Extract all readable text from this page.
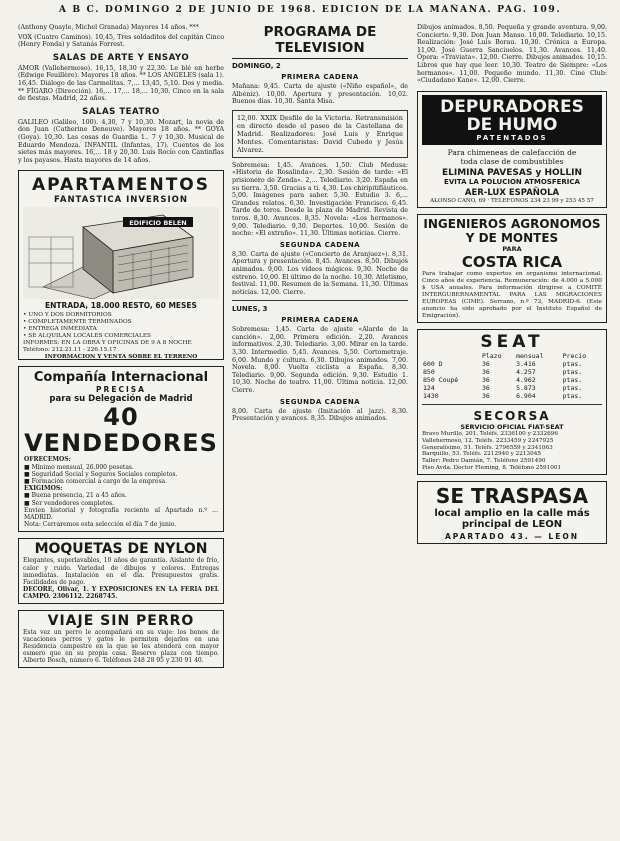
A B C. DOMINGO 2 DE JUNIO DE 1968. EDICION DE LA MAÑANA. PAG. 109.

(Anthony Quayle, Michel Granada) Mayores 14 años. ***

VOX (Cuatro Caminos). 10,45, Tres soldaditos del capitán Cinco (Henry Fonda) y Satanás Forrest.

SALAS DE ARTE Y ENSAYO
AMOR (Vallehermoso). 16,15, 18,30 y 22,30. Le blé en herbe (Edwige Feuillère). Mayores 18 años. ** LOS ANGELES (sala 1). 16,45. Diálogo de las Carmelitas. 7,... 13,45, 5,10. Dos y media. ** FÍGARO (Dirección). 16,... 17,... 18,... 10,30. Cinco en la sala de fiestas. Madrid, 22 años.
SALAS TEATRO
GALILEO (Galileo, 100). 4,30, 7 y 10,30. Mozart, la novia de don Juan (Catherine Deneuve). Mayores 18 años. ** GOYA (Goya). 10,30. Las cosas de Guardia 1.. 7 y 10,30. Musical de Eduardo Mendoza. INFANTIL (Infantas, 17). Cuentos de los sietes más mayores. 16,... 18 y 20,30. Luis Rocío con Cantinflas y los payasos. Hasta mayores de 14 años.
APARTAMENTOS
FANTASTICA INVERSION
EDIFICIO BELEN
ENTRADA, 18.000 RESTO, 60 MESES
• UNO Y DOS DORMITORIOS
• COMPLETAMENTE TERMINADOS
• ENTREGA INMEDIATA
• SE ALQUILAN LOCALES COMERCIALES
INFORMES: EN LA OBRA Y OFICINAS DE 9 A 8 NOCHE
Teléfono: 212.21.11 - 226.15.17
INFORMACION Y VENTA SOBRE EL TERRENO
Compañía Internacional
PRECISA
para su Delegación de Madrid
40 VENDEDORES
OFRECEMOS:
■ Mínimo mensual, 26.000 pesetas.
■ Seguridad Social y Seguros Sociales completos.
■ Formación comercial a cargo de la empresa.
EXIGIMOS:
■ Buena presencia, 21 a 45 años.
■ Ser vendedores completos.
Envíen historial y fotografía reciente al Apartado n.º ... MADRID.
Nota: Cerraremos esta selección el día 7 de junio.
MOQUETAS DE NYLON
Elegantes, superlavables, 10 años de garantía. Aislante de frío, calor y ruido. Variedad de dibujos y colores. Entregas inmediatas. Instalación en el día. Presupuestos gratis. Facilidades de pago.
DECORE, Olivar, 1. Y EXPOSICIONES EN LA FERIA DEL CAMPO. 2306112. 2268745.
VIAJE SIN PERRO
Esta vez un perro le acompañará en su viaje: los bonos de vacaciones perros y gatos le permiten dejarlos en una Residencia campestre en la que se les atenderá con mayor esmero que en su propia casa. Reserve plaza con tiempo. Alberto Bosch, número 6. Teléfonos 248 28 95 y 230 91 40.
PROGRAMA DE TELEVISION
DOMINGO, 2
PRIMERA CADENA
Mañana: 9,45. Carta de ajuste («Niño español», de Albéniz). 10,00. Apertura y presentación. 10,02. Buenos días. 10,30. Santa Misa.
12,00. XXIX Desfile de la Victoria. Retransmisión en directo desde el paseo de la Castellana de Madrid. Realizadores: José Luis y Enrique Montes. Comentaristas: David Cubedo y Jesús Alvarez.
Sobremesa: 1,45. Avances. 1,50. Club Medusa: «Historia de Rosalinda». 2,30. Sesión de tarde: «El prisionero de Zenda». 2,... Telediario. 3,20. España en su tierra. 3,50. Gracias a ti. 4,30. Los chiripitifláuticos. 5,00. Imágenes para saber. 5,30. Estudio 3. 6,... Grandes relatos. 6,30. Investigación Francisco. 6,45. Tarde de toros. Desde la plaza de Madrid. Revista de toros. 8,30. Avances. 8,35. Novela: «Los hermanos». 9,00. Telediario. 9,30. Deportes. 10,00. Sesión de noche: «El extraño». 11,30. Últimas noticias. Cierre.
SEGUNDA CADENA
8,30. Carta de ajuste («Concierto de Aranjuez»). 8,31. Apertura y presentación. 8,45. Avances. 8,50. Dibujos animados. 9,00. Los vídeos mágicos. 9,30. Noche de estreno. 10,00. El último de la noche. 10,30. Atletismo, festival. 11,00. Resumen de la Semana. 11,30. Últimas noticias. 12,00. Cierre.
LUNES, 3
PRIMERA CADENA
Sobremesa: 1,45. Carta de ajuste «Alarde de la canción». 2,00. Primera edición. 2,20. Avances informativos. 2,30. Telediario. 3,00. Mirar en la tarde. 3,30. Intermedio. 5,45. Avances. 5,50. Cortometraje. 6,00. Mundo y cultura. 6,30. Dibujos animados. 7,00. Novela. 8,00. Vuelta ciclista a España. 8,30. Telediario. 9,00. Segunda edición. 9,30. Estudio 1. 10,30. Noche de teatro. 11,00. Última noticia. 12,00. Cierre.
SEGUNDA CADENA
8,00. Carta de ajuste (Imitación al jazz). 8,30. Presentación y avances. 8,35. Dibujos animados.
Dibujos animados. 8,50. Pequeña y grande aventura. 9,00. Concierto. 9,30. Don Juan Manso. 10,00. Telediario. 10,15. Realización: José Luis Borau. 10,30. Crónica a Europa. 11,00. José Guerra Sanciuelos. 11,30. Avances. 11,40. Ópera: «Traviata». 12,00. Cierre. Dibujos animados. 10,15. Libros que hay que leer. 10,30. Teatro de Siempre: «Los hermanos». 11,00. Pequeño mundo. 11,30. Cine Club: «Ciudadano Kane». 12,00. Cierre.
DEPURADORES
DE HUMO
PATENTADOS
Para chimeneas de calefacción de
toda clase de combustibles
ELIMINA PAVESAS y HOLLIN
EVITA LA POLUCION ATMOSFERICA
AER-LUX ESPAÑOLA
ALONSO CANO, 69 · TELEFONOS 234 23 99 y 253 45 57
INGENIEROS AGRONOMOS
Y DE MONTES
PARA
COSTA RICA
Para trabajar como expertos en organismo internacional. Cinco años de experiencia. Remuneración: de 4.000 a 5.000 $ USA anuales. Para información dirigirse a COMITÉ INTERGUBERNAMENTAL PARA LAS MIGRACIONES EUROPEAS (CIME). Serrano, n.º 73, MADRID-6. (Este anuncio ha sido aprobado por el Instituto Español de Emigración).
SEAT
	Plazo	mensual	Precio
600 D	36	3.416	ptas.
850	36	4.257	ptas.
850 Coupé	36	4.962	ptas.
124	36	5.873	ptas.
1430	36	6.904	ptas.
SECORSA
SERVICIO OFICIAL FIAT-SEAT
Bravo Murillo, 201. Teléfs. 2336100 y 2332696
Vallehermoso, 12. Teléfs. 2233459 y 2247925
Generalísimo, 51. Teléfs. 2796559 y 2341063
Barquillo, 53. Teléfs. 2212940 y 2213045
Taller: Pedro Damián, 7. Teléfono 2591490
Piso Avda. Doctor Fleming, 8. Teléfono 2591001
SE TRASPASA
local amplio en la calle más
principal de LEON
APARTADO 43. — LEON
